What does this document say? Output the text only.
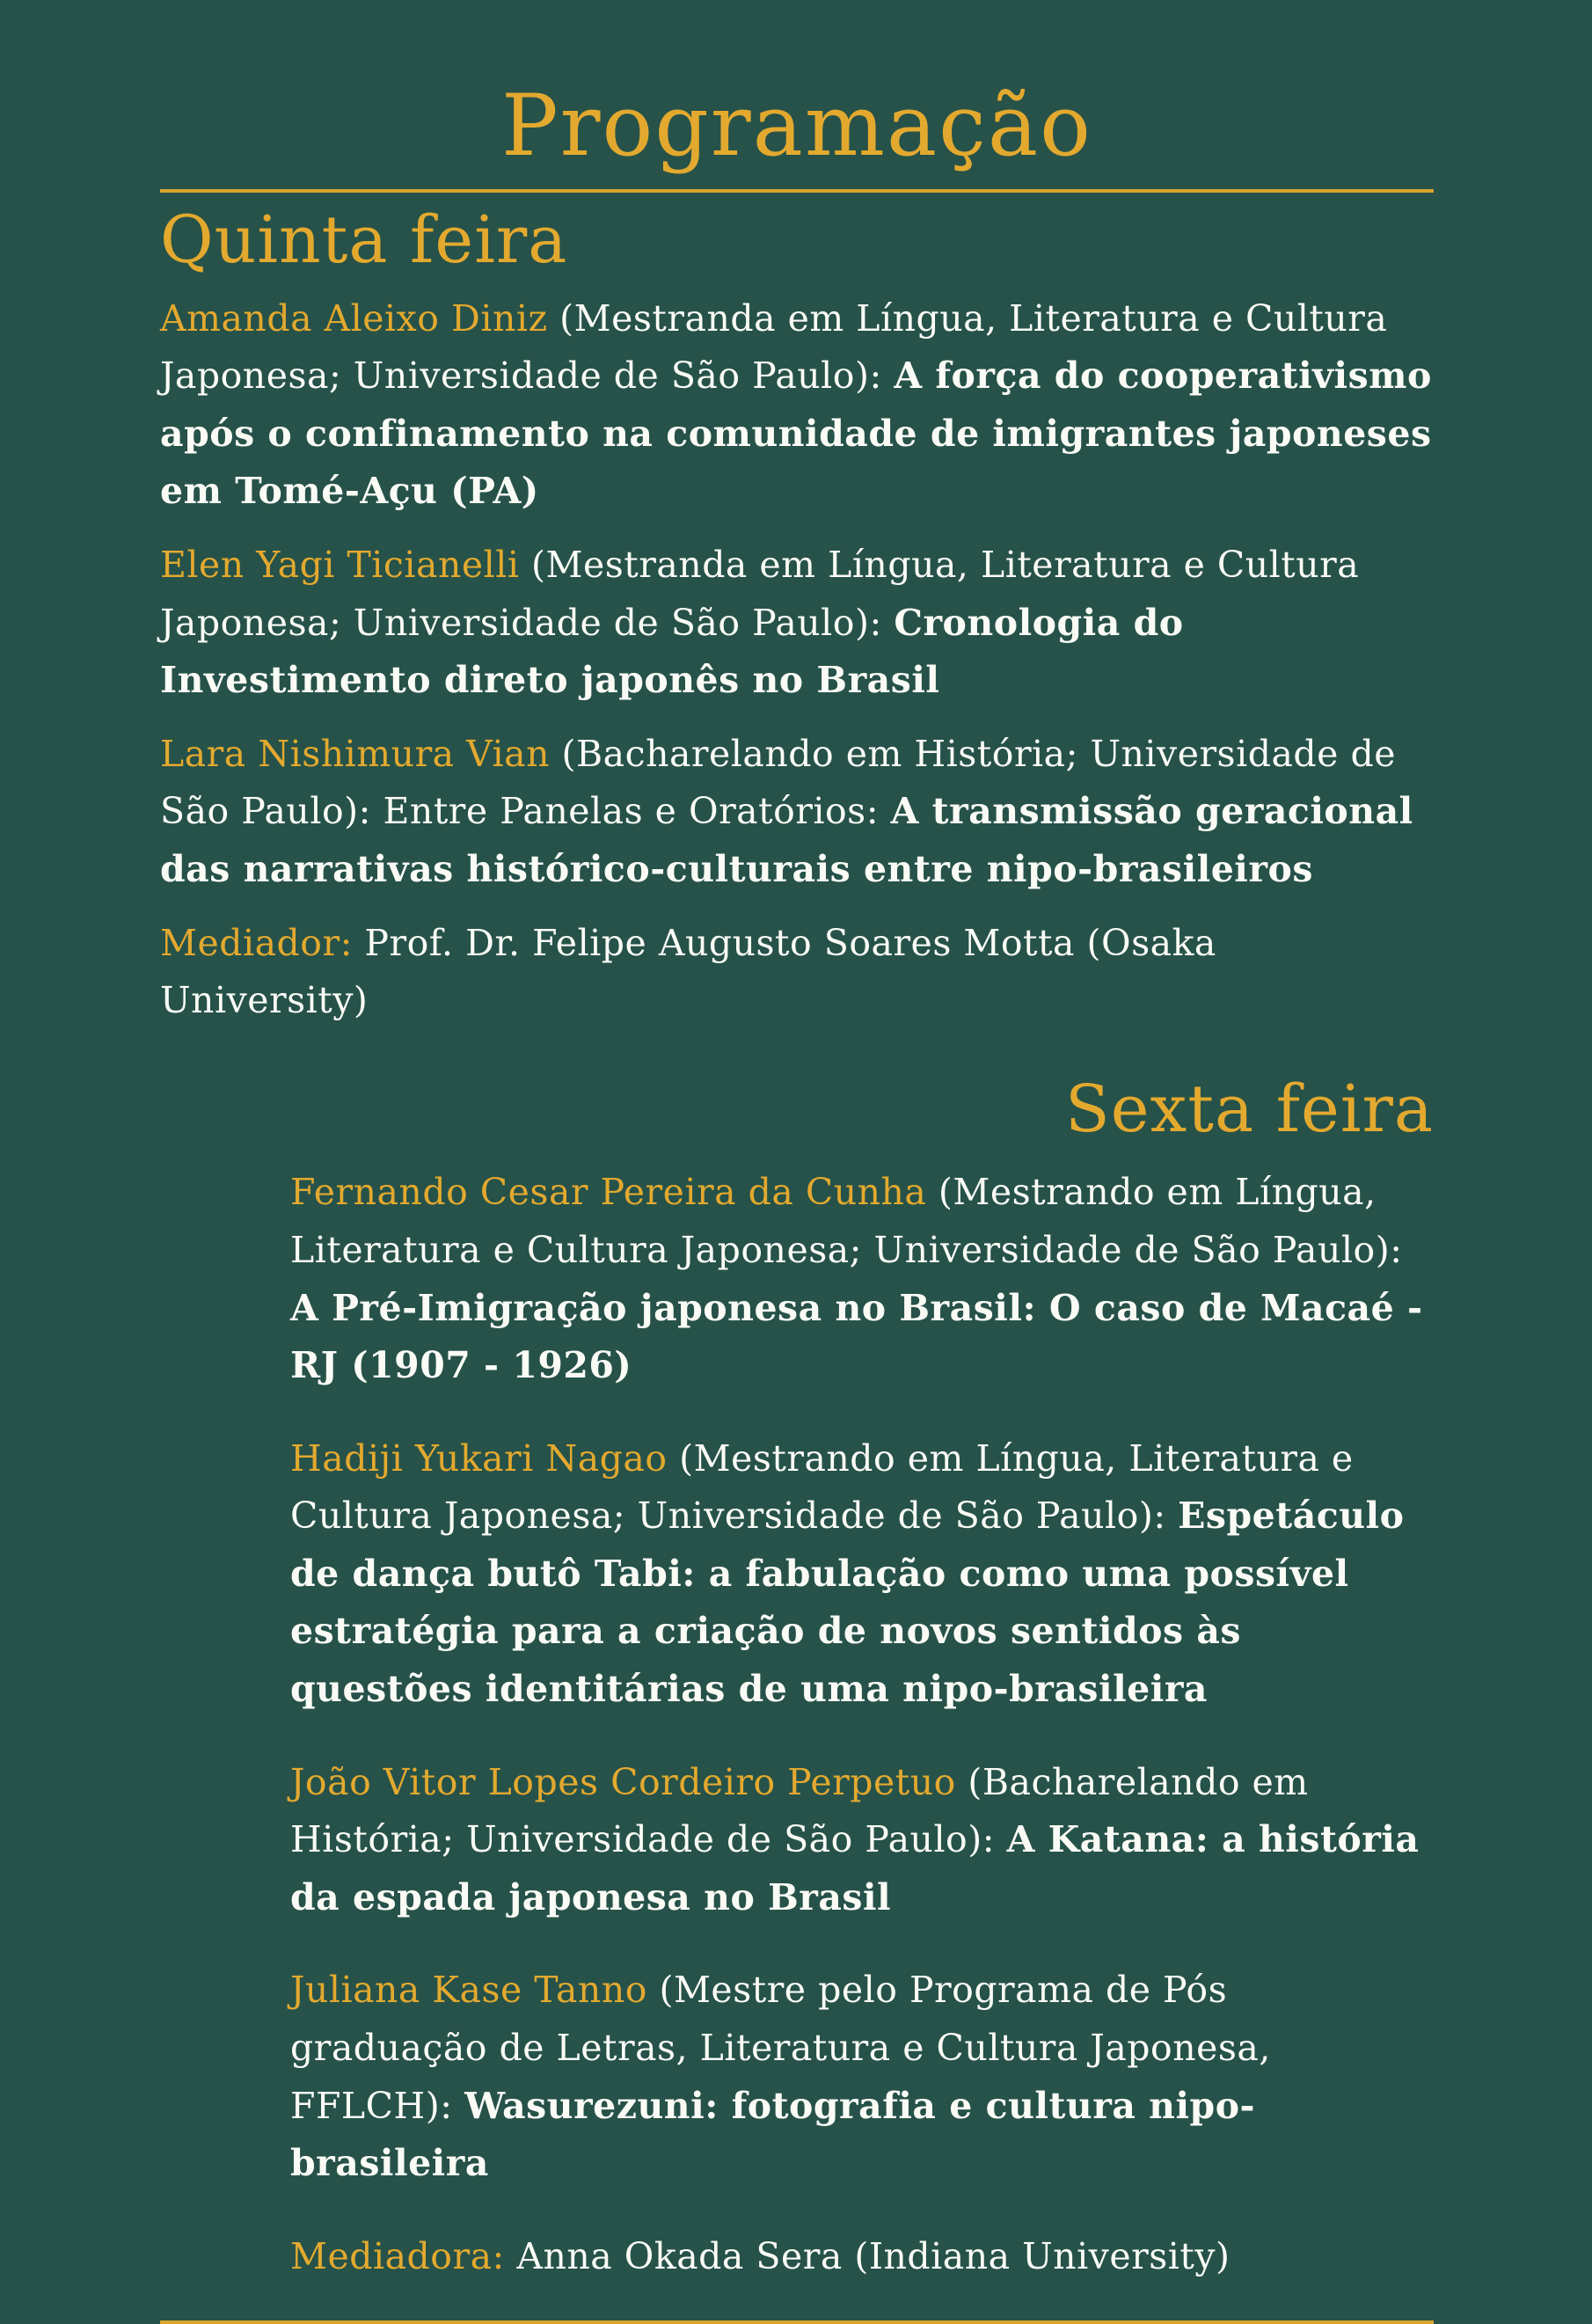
Programação
Quinta feira

Amanda Aleixo Diniz (Mestranda em Língua, Literatura e Cultura Japonesa; Universidade de São Paulo): A força do cooperativismo após o confinamento na comunidade de imigrantes japoneses em Tomé-Açu (PA)

Elen Yagi Ticianelli (Mestranda em Língua, Literatura e Cultura Japonesa; Universidade de São Paulo): Cronologia do Investimento direto japonês no Brasil

Lara Nishimura Vian (Bacharelando em História; Universidade de São Paulo): Entre Panelas e Oratórios: A transmissão geracional das narrativas histórico-culturais entre nipo-brasileiros

Mediador: Prof. Dr. Felipe Augusto Soares Motta (Osaka University)

Sexta feira

Fernando Cesar Pereira da Cunha (Mestrando em Língua, Literatura e Cultura Japonesa; Universidade de São Paulo): A Pré-Imigração japonesa no Brasil: O caso de Macaé - RJ (1907 - 1926)

Hadiji Yukari Nagao (Mestrando em Língua, Literatura e Cultura Japonesa; Universidade de São Paulo): Espetáculo de dança butô Tabi: a fabulação como uma possível estratégia para a criação de novos sentidos às questões identitárias de uma nipo-brasileira

João Vitor Lopes Cordeiro Perpetuo (Bacharelando em História; Universidade de São Paulo): A Katana: a história da espada japonesa no Brasil

Juliana Kase Tanno (Mestre pelo Programa de Pós graduação de Letras, Literatura e Cultura Japonesa, FFLCH): Wasurezuni: fotografia e cultura nipo-brasileira

Mediadora: Anna Okada Sera (Indiana University)
